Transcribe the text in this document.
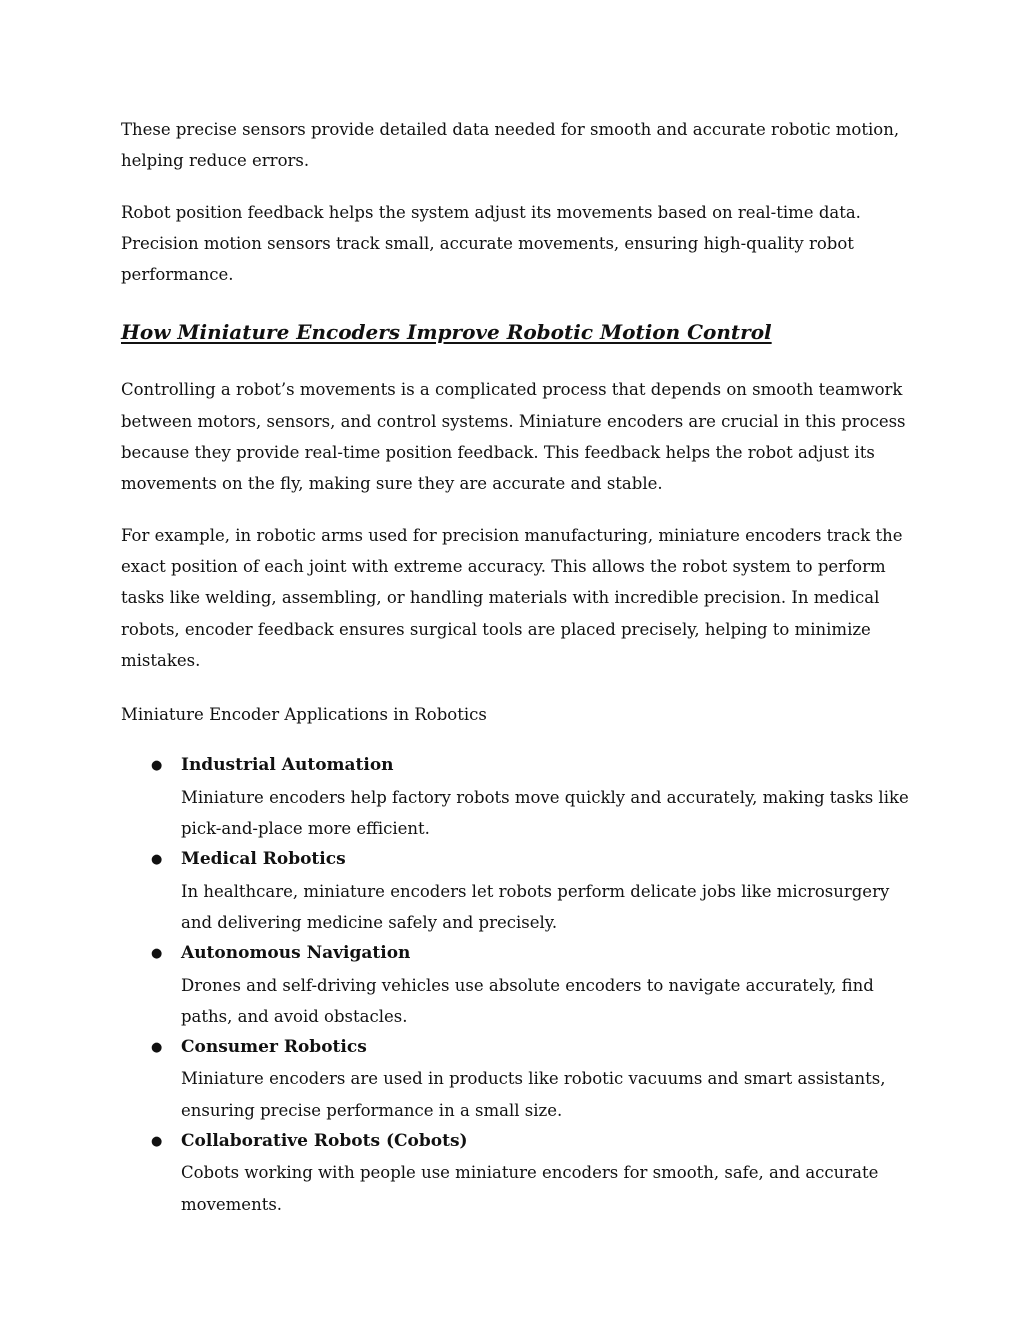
These precise sensors provide detailed data needed for smooth and accurate robotic motion, helping reduce errors.

Robot position feedback helps the system adjust its movements based on real-time data. Precision motion sensors track small, accurate movements, ensuring high-quality robot performance.

How Miniature Encoders Improve Robotic Motion Control

Controlling a robot’s movements is a complicated process that depends on smooth teamwork between motors, sensors, and control systems. Miniature encoders are crucial in this process because they provide real-time position feedback. This feedback helps the robot adjust its movements on the fly, making sure they are accurate and stable.

For example, in robotic arms used for precision manufacturing, miniature encoders track the exact position of each joint with extreme accuracy. This allows the robot system to perform tasks like welding, assembling, or handling materials with incredible precision. In medical robots, encoder feedback ensures surgical tools are placed precisely, helping to minimize mistakes.

Miniature Encoder Applications in Robotics

● Industrial Automation
Miniature encoders help factory robots move quickly and accurately, making tasks like pick-and-place more efficient.
● Medical Robotics
In healthcare, miniature encoders let robots perform delicate jobs like microsurgery and delivering medicine safely and precisely.
● Autonomous Navigation
Drones and self-driving vehicles use absolute encoders to navigate accurately, find paths, and avoid obstacles.
● Consumer Robotics
Miniature encoders are used in products like robotic vacuums and smart assistants, ensuring precise performance in a small size.
● Collaborative Robots (Cobots)
Cobots working with people use miniature encoders for smooth, safe, and accurate movements.
